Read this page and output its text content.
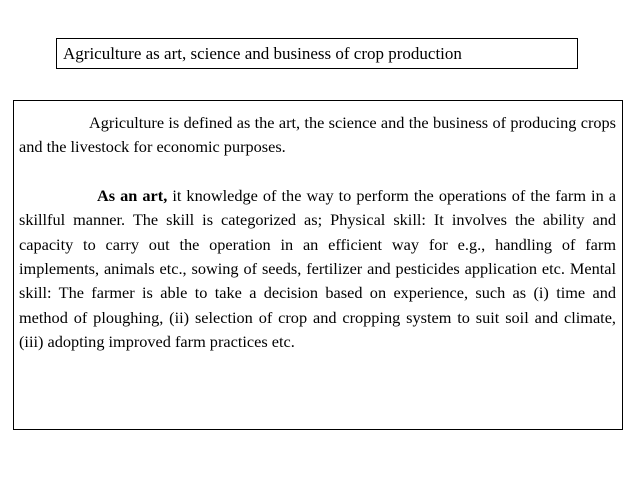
Agriculture as art, science and business of crop production

Agriculture is defined as the art, the science and the business of producing crops and the livestock for economic purposes.

As an art, it knowledge of the way to perform the operations of the farm in a skillful manner. The skill is categorized as; Physical skill: It involves the ability and capacity to carry out the operation in an efficient way for e.g., handling of farm implements, animals etc., sowing of seeds, fertilizer and pesticides application etc. Mental skill: The farmer is able to take a decision based on experience, such as (i) time and method of ploughing, (ii) selection of crop and cropping system to suit soil and climate, (iii) adopting improved farm practices etc.
